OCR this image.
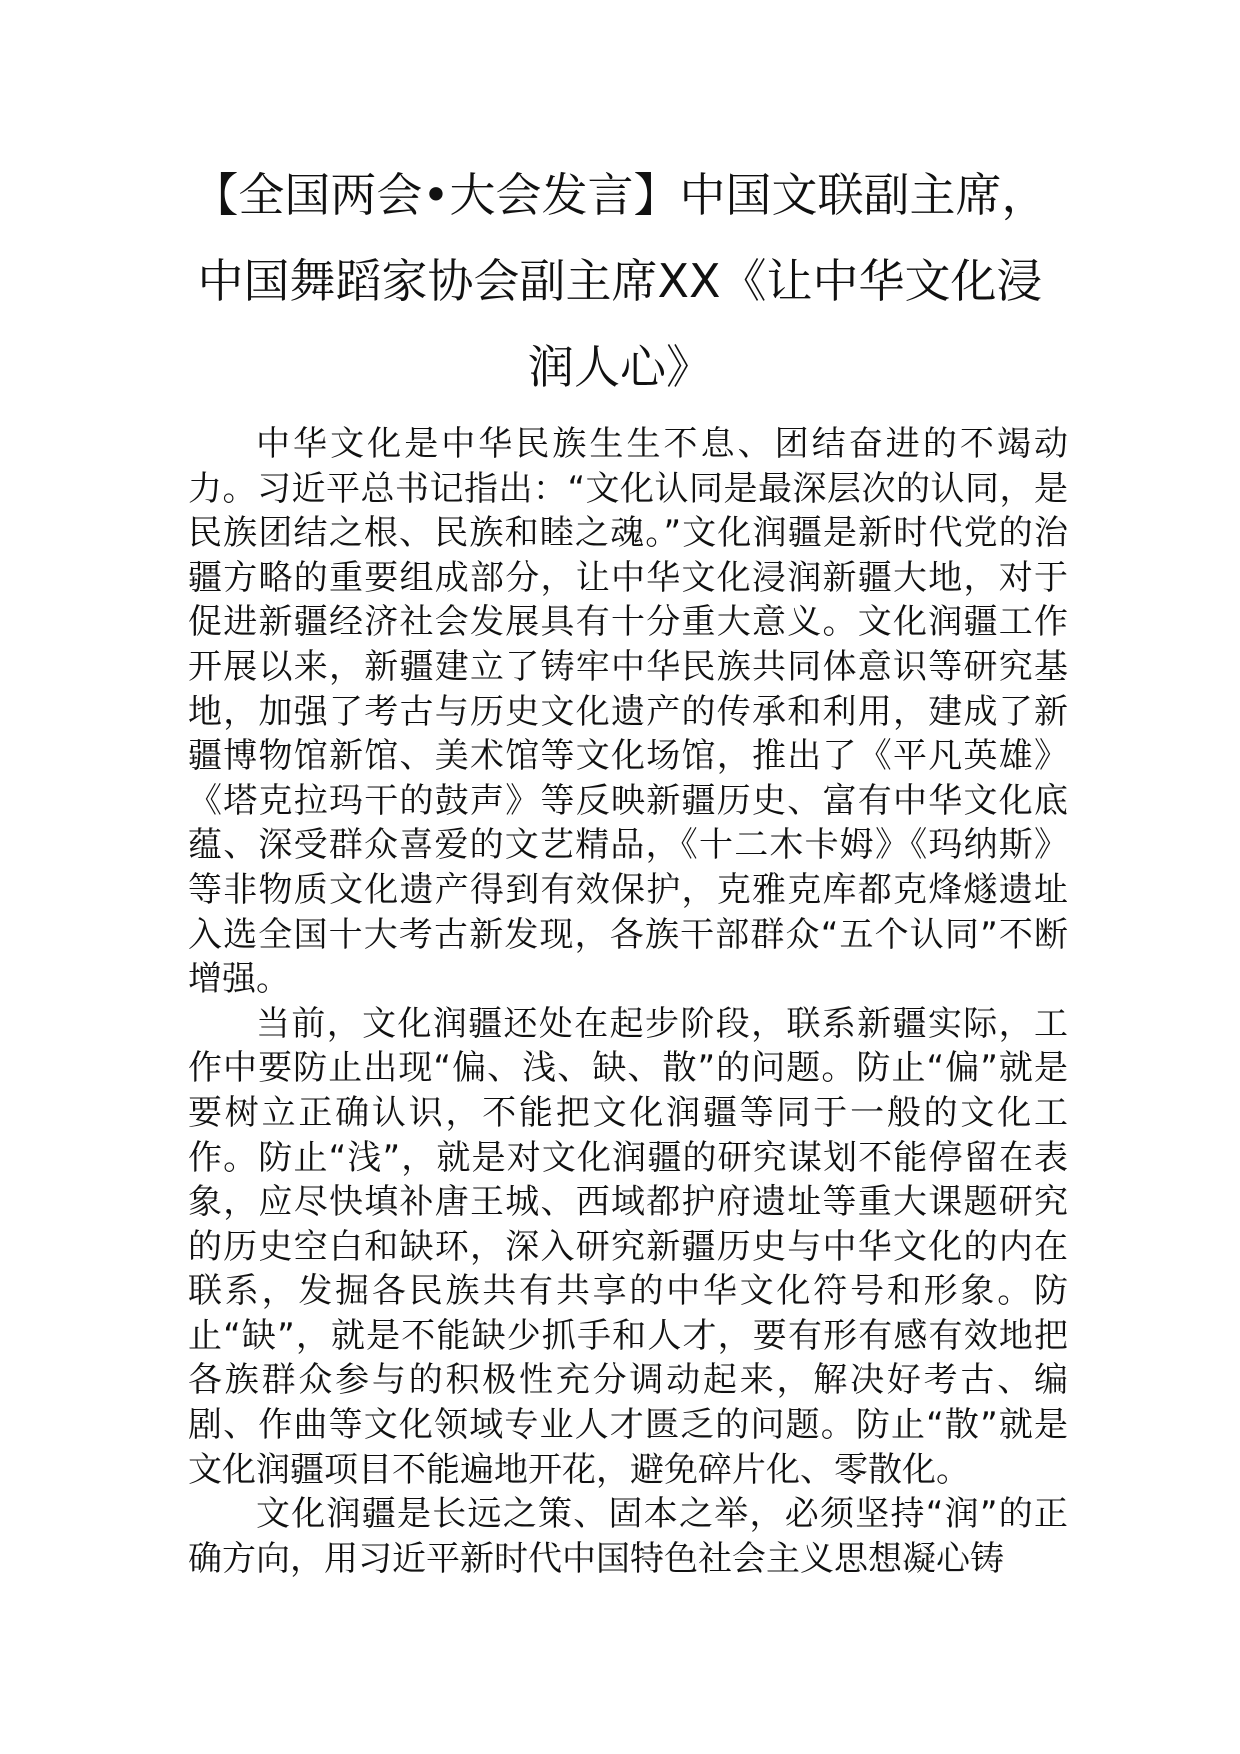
【全国两会•大会发言】中国文联副主席，
中国舞蹈家协会副主席XX《让中华文化浸
润人心》

中华文化是中华民族生生不息、团结奋进的不竭动力。习近平总书记指出：“文化认同是最深层次的认同，是民族团结之根、民族和睦之魂。”文化润疆是新时代党的治疆方略的重要组成部分，让中华文化浸润新疆大地，对于促进新疆经济社会发展具有十分重大意义。文化润疆工作开展以来，新疆建立了铸牢中华民族共同体意识等研究基地，加强了考古与历史文化遗产的传承和利用，建成了新疆博物馆新馆、美术馆等文化场馆，推出了《平凡英雄》《塔克拉玛干的鼓声》等反映新疆历史、富有中华文化底蕴、深受群众喜爱的文艺精品，《十二木卡姆》《玛纳斯》等非物质文化遗产得到有效保护，克雅克库都克烽燧遗址入选全国十大考古新发现，各族干部群众“五个认同”不断增强。

当前，文化润疆还处在起步阶段，联系新疆实际，工作中要防止出现“偏、浅、缺、散”的问题。防止“偏”就是要树立正确认识，不能把文化润疆等同于一般的文化工作。防止“浅”，就是对文化润疆的研究谋划不能停留在表象，应尽快填补唐王城、西域都护府遗址等重大课题研究的历史空白和缺环，深入研究新疆历史与中华文化的内在联系，发掘各民族共有共享的中华文化符号和形象。防止“缺”，就是不能缺少抓手和人才，要有形有感有效地把各族群众参与的积极性充分调动起来，解决好考古、编剧、作曲等文化领域专业人才匮乏的问题。防止“散”就是文化润疆项目不能遍地开花，避免碎片化、零散化。

文化润疆是长远之策、固本之举，必须坚持“润”的正确方向，用习近平新时代中国特色社会主义思想凝心铸
